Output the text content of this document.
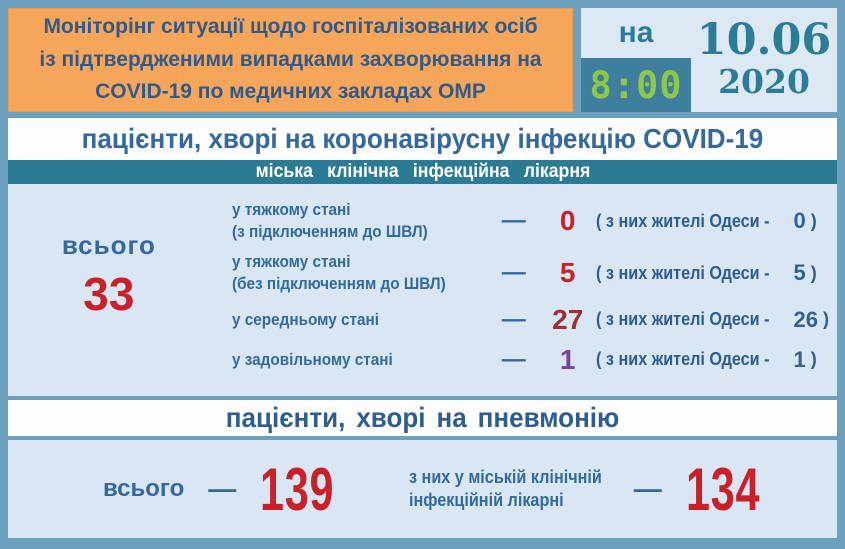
Моніторінг ситуації щодо госпіталізованих осіб із підтвердженими випадками захворювання на COVID-19 по медичних закладах ОМР
на
8:00
10.06
2020
пацієнти, хворі на коронавірусну інфекцію COVID-19
міська клінічна інфекційна лікарня
всього
33
у тяжкому стані
(з підключенням до ШВЛ)	—	0	( з них жителі Одеси - 0 )
у тяжкому стані
(без підключенням до ШВЛ)	—	5	( з них жителі Одеси - 5 )
у середньому стані	— 27 ( з них жителі Одеси - 26 )
у задовільному стані	—	1	( з них жителі Одеси - 1 )
пацієнти, хворі на пневмонію
всього — 139	з них у міській клінічній
інфекційній лікарні	— 134
